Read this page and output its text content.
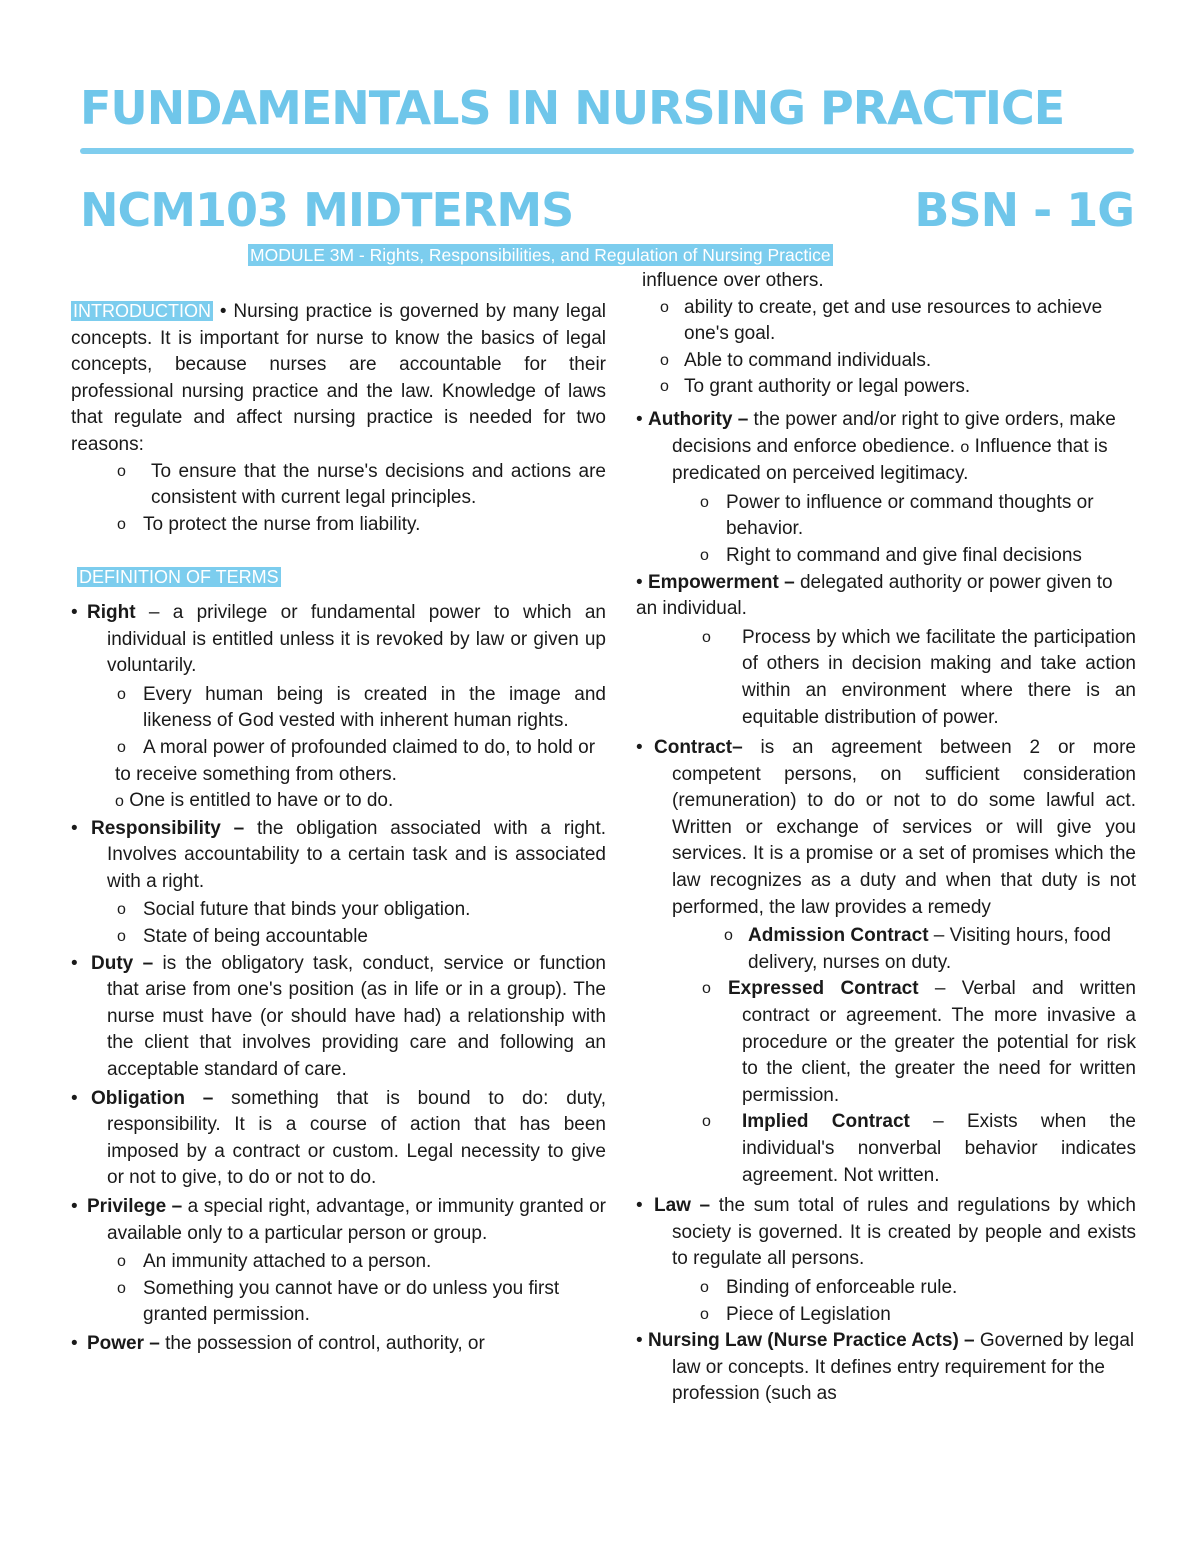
FUNDAMENTALS IN NURSING PRACTICE
NCM103 MIDTERMS	BSN - 1G
MODULE 3M - Rights, Responsibilities, and Regulation of Nursing Practice

INTRODUCTION • Nursing practice is governed by many legal concepts. It is important for nurse to know the basics of legal concepts, because nurses are accountable for their professional nursing practice and the law. Knowledge of laws that regulate and affect nursing practice is needed for two reasons:

o To ensure that the nurse's decisions and actions are consistent with current legal principles.
o To protect the nurse from liability.

DEFINITION OF TERMS

• Right – a privilege or fundamental power to which an individual is entitled unless it is revoked by law or given up voluntarily.
o Every human being is created in the image and likeness of God vested with inherent human rights.
o A moral power of profounded claimed to do, to hold or to receive something from others. o One is entitled to have or to do.
• Responsibility – the obligation associated with a right. Involves accountability to a certain task and is associated with a right.
o Social future that binds your obligation.
o State of being accountable
• Duty – is the obligatory task, conduct, service or function that arise from one's position (as in life or in a group). The nurse must have (or should have had) a relationship with the client that involves providing care and following an acceptable standard of care.
• Obligation – something that is bound to do: duty, responsibility. It is a course of action that has been imposed by a contract or custom. Legal necessity to give or not to give, to do or not to do.
• Privilege – a special right, advantage, or immunity granted or available only to a particular person or group.
o An immunity attached to a person.
o Something you cannot have or do unless you first granted permission.
• Power – the possession of control, authority, or

influence over others.

o ability to create, get and use resources to achieve one's goal.
o Able to command individuals.
o To grant authority or legal powers.
• Authority – the power and/or right to give orders, make decisions and enforce obedience. o Influence that is predicated on perceived legitimacy.
o Power to influence or command thoughts or behavior.
o Right to command and give final decisions
• Empowerment – delegated authority or power given to an individual.
o Process by which we facilitate the participation of others in decision making and take action within an environment where there is an equitable distribution of power.
• Contract– is an agreement between 2 or more competent persons, on sufficient consideration (remuneration) to do or not to do some lawful act. Written or exchange of services or will give you services. It is a promise or a set of promises which the law recognizes as a duty and when that duty is not performed, the law provides a remedy
o Admission Contract – Visiting hours, food delivery, nurses on duty.
o Expressed Contract – Verbal and written contract or agreement. The more invasive a procedure or the greater the potential for risk to the client, the greater the need for written permission.
o Implied Contract – Exists when the individual's nonverbal behavior indicates agreement. Not written.
• Law – the sum total of rules and regulations by which society is governed. It is created by people and exists to regulate all persons.
o Binding of enforceable rule.
o Piece of Legislation
• Nursing Law (Nurse Practice Acts) – Governed by legal law or concepts. It defines entry requirement for the profession (such as
